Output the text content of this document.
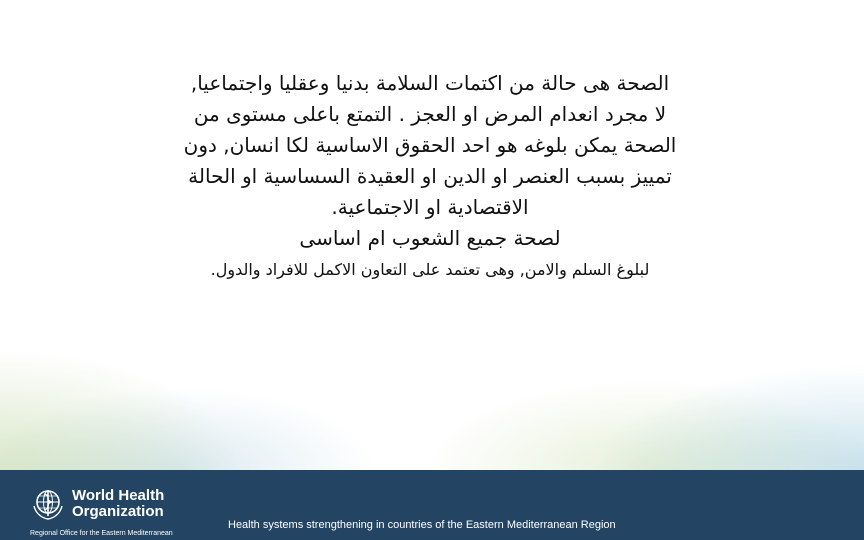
الصحة هى حالة من اكتمات السلامة بدنيا وعقليا واجتماعيا,
لا مجرد انعدام المرض او العجز . التمتع باعلى مستوى من
الصحة يمكن بلوغه هو احد الحقوق الاساسية لكا انسان, دون
تمييز بسبب العنصر او الدين او العقيدة السساسية او الحالة
الاقتصادية او الاجتماعية.
لصحة جميع الشعوب ام اساسى
لبلوغ السلم والامن, وهى تعتمد على التعاون الاكمل للافراد والدول.
World Health
Organization
Regional Office for the Eastern Mediterranean
Health systems strengthening in countries of the Eastern Mediterranean Region
